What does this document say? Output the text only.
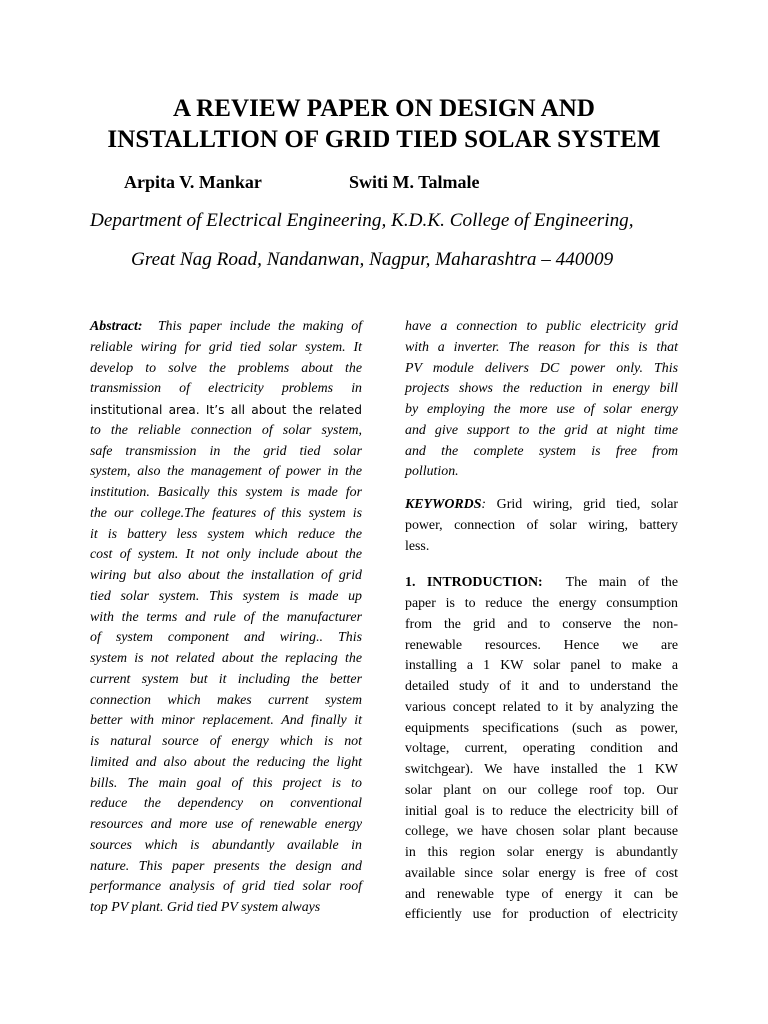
A REVIEW PAPER ON DESIGN AND
INSTALLTION OF GRID TIED SOLAR SYSTEM
Arpita V. Mankar	Switi M. Talmale
Department of Electrical Engineering, K.D.K. College of Engineering,
Great Nag Road, Nandanwan, Nagpur, Maharashtra – 440009
Abstract: This paper include the making of
reliable wiring for grid tied solar system. It
develop to solve the problems about the
transmission of electricity problems in
institutional area. It’s all about the related
to the reliable connection of solar system,
safe transmission in the grid tied solar
system, also the management of power in the
institution. Basically this system is made for
the our college.The features of this system is
it is battery less system which reduce the
cost of system. It not only include about the
wiring but also about the installation of grid
tied solar system. This system is made up
with the terms and rule of the manufacturer
of system component and wiring.. This
system is not related about the replacing the
current system but it including the better
connection which makes current system
better with minor replacement. And finally it
is natural source of energy which is not
limited and also about the reducing the light
bills. The main goal of this project is to
reduce the dependency on conventional
resources and more use of renewable energy
sources which is abundantly available in
nature. This paper presents the design and
performance analysis of grid tied solar roof
top PV plant. Grid tied PV system always
have a connection to public electricity grid
with a inverter. The reason for this is that
PV module delivers DC power only. This
projects shows the reduction in energy bill
by employing the more use of solar energy
and give support to the grid at night time
and the complete system is free from
pollution.
KEYWORDS: Grid wiring, grid tied, solar
power, connection of solar wiring, battery
less.
1. INTRODUCTION: The main of the
paper is to reduce the energy consumption
from the grid and to conserve the non-
renewable resources. Hence we are
installing a 1 KW solar panel to make a
detailed study of it and to understand the
various concept related to it by analyzing the
equipments specifications (such as power,
voltage, current, operating condition and
switchgear). We have installed the 1 KW
solar plant on our college roof top. Our
initial goal is to reduce the electricity bill of
college, we have chosen solar plant because
in this region solar energy is abundantly
available since solar energy is free of cost
and renewable type of energy it can be
efficiently use for production of electricity
